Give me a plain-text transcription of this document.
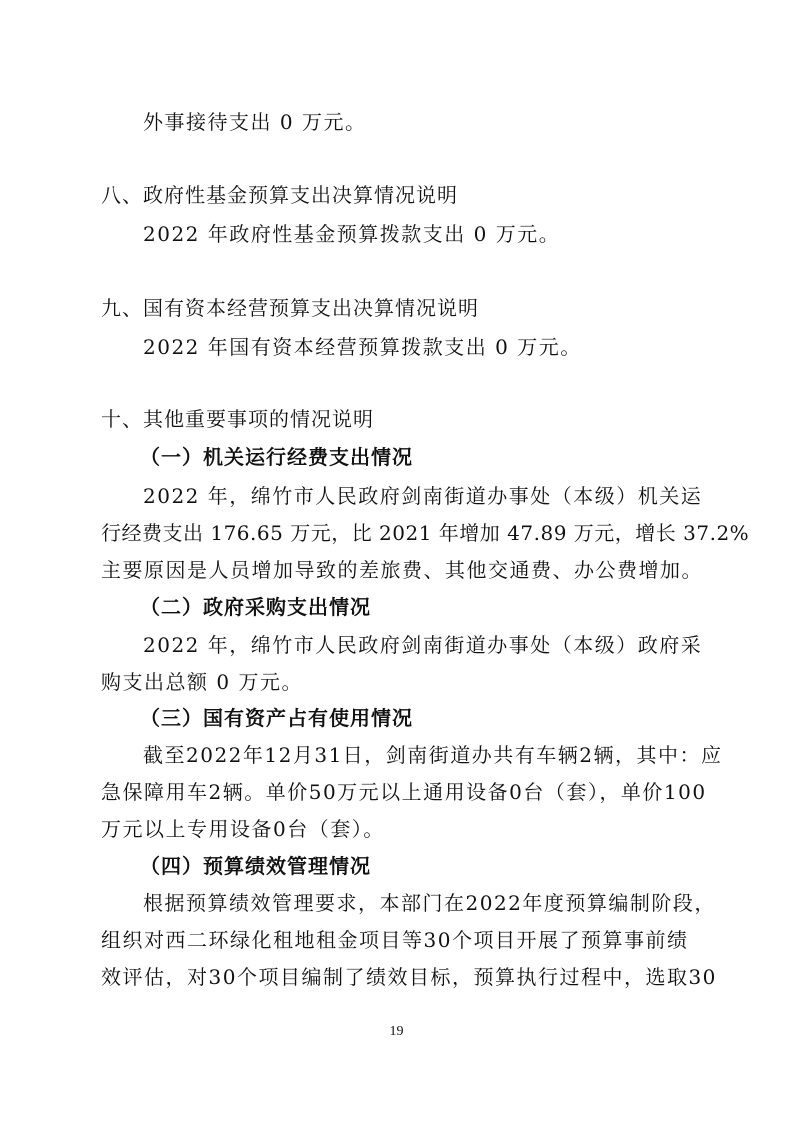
外事接待支出 0 万元。
八、政府性基金预算支出决算情况说明
2022 年政府性基金预算拨款支出 0 万元。
九、国有资本经营预算支出决算情况说明
2022 年国有资本经营预算拨款支出 0 万元。
十、其他重要事项的情况说明
（一）机关运行经费支出情况
2022 年，绵竹市人民政府剑南街道办事处（本级）机关运
行经费支出 176.65 万元，比 2021 年增加 47.89 万元，增长 37.2%
主要原因是人员增加导致的差旅费、其他交通费、办公费增加。
（二）政府采购支出情况
2022 年，绵竹市人民政府剑南街道办事处（本级）政府采
购支出总额 0 万元。
（三）国有资产占有使用情况
截至2022年12月31日，剑南街道办共有车辆2辆，其中：应
急保障用车2辆。单价50万元以上通用设备0台（套），单价100
万元以上专用设备0台（套）。
（四）预算绩效管理情况
根据预算绩效管理要求，本部门在2022年度预算编制阶段，
组织对西二环绿化租地租金项目等30个项目开展了预算事前绩
效评估，对30个项目编制了绩效目标，预算执行过程中，选取30
19
